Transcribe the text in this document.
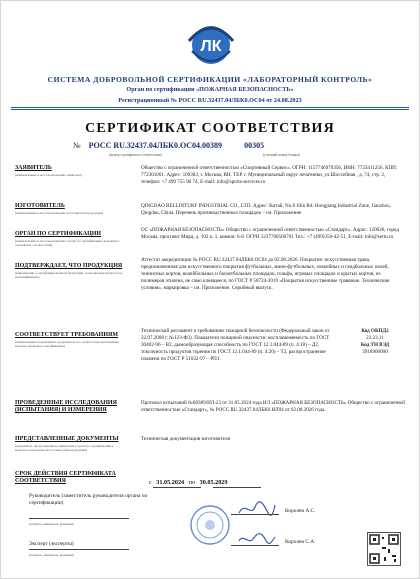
ЛК
СИСТЕМА ДОБРОВОЛЬНОЙ СЕРТИФИКАЦИИ «ЛАБОРАТОРНЫЙ КОНТРОЛЬ»
Орган по сертификации «ПОЖАРНАЯ БЕЗОПАСНОСТЬ»
Регистрационный № РОСС RU.32437.04ЛБК0.ОС04 от 24.08.2023
СЕРТИФИКАТ СООТВЕТСТВИЯ
№ РОСС RU.32437.04ЛБК0.ОС04.00389	00305
(номер сертификата соответствия)	(учетный номер бланка)
ЗАЯВИТЕЛЬ
(наименование и местонахождение заявителя)
Общество с ограниченной ответственностью «Спортивный Сервис». ОГРН: 1157746979356, ИНН: 7723411256, КПП: 772301001. Адрес: 109383, г. Москва, ВН. ТЕР. г. Муниципальный округ печатники, ул.Шоссейная , д. 74, стр. 2, телефон: +7 499 755 96 74, E-mail: info@sports-services.ru
ИЗГОТОВИТЕЛЬ
(наименование и местонахождение изготовителя продукции)
QINGDAO BELLINTURF INDUSTRIAL CO., LTD. Адрес: Китай, No.8 Jilin Rd. Hongjiang Industrial Zone, Jiaozhou, Qingdao, China. Перечень производственных площадок – см. Приложение
ОРГАН ПО СЕРТИФИКАЦИИ
(наименование и местонахождение органа по сертификации, выдавшего сертификат соответствия)
ОС «ПОЖАРНАЯ БЕЗОПАСНОСТЬ» Общество с ограниченной ответственностью «Стандарт». Адрес: 120626, город Москва, проспект Мира, д. 102 к. 1, комнат. 6-8. ОГРН 1237700560701 Тел.: +7 (499)350-42-51, E-mail: info@sertu.ru
ПОДТВЕРЖДАЕТ, ЧТО ПРОДУКЦИЯ
(информация о сертифицированной продукции, позволяющая провести ее идентификацию)
Аттестат аккредитации № РОСС RU.32437.04ЛБК0.ОС04 до 02.08.2026. Покрытие: искусственная трава, предназначенная для искусственного покрытия футбольных, мини-футбольных, хоккейных и гандбольных полей, теннисных кортов, волейбольных и баскетбольных площадок, гольфа, игровых площадок и крытых кортов, из полимеров этилена, не само клеящееся, по ГОСТ Р 58724-2019 «Покрытия искусственные травяные. Технические условия», маркировка – см. Приложение. Серийный выпуск.
СООТВЕТСТВУЕТ ТРЕБОВАНИЯМ
(наименование нормативных документов, на соответствие требованиям которых проведена сертификация)
Технический регламент о требованиях пожарной безопасности (Федеральный закон от 22.07.2008 г. №123-Ф3). Показатели пожарной опасности: воспламеняемость по ГОСТ 30402-96 – В2, дымообразующая способность по ГОСТ 12.1.044-89 (п. 4.18) – Д2, токсичность продуктов горения по ГОСТ 12.1.044-89 (п. 4.20) – Т2, распространение пламени по ГОСТ Р 51032-97 – РП1.
Код ОКПД2
22.23.11
Код ТН ВЭД
3918900000
ПРОВЕДЕННЫЕ ИССЛЕДОВАНИЯ (ИСПЫТАНИЯ) И ИЗМЕРЕНИЯ
Протокол испытаний №00389/ИЛ-23 от 31.05.2024 года ИЛ «ПОЖАРНАЯ БЕЗОПАСНОСТЬ» Общество с ограниченной ответственностью «Стандарт», № РОСС RU.32437.04ЛБК0.ИЛ04 от 02.08.2026 года.
ПРЕДСТАВЛЕННЫЕ ДОКУМЕНТЫ
(документы, представленные заявителем в орган по сертификации в качестве доказательства соответствия продукции)
Техническая документация изготовителя
СРОК ДЕЙСТВИЯ СЕРТИФИКАТА СООТВЕТСТВИЯ	с 31.05.2024 по 30.05.2029
Руководитель (заместитель руководителя органа по сертификации)
(подпись, инициалы, фамилия)
Королев А.С.
Эксперт (эксперты)
(подпись, инициалы, фамилия)
Королев С.А.
